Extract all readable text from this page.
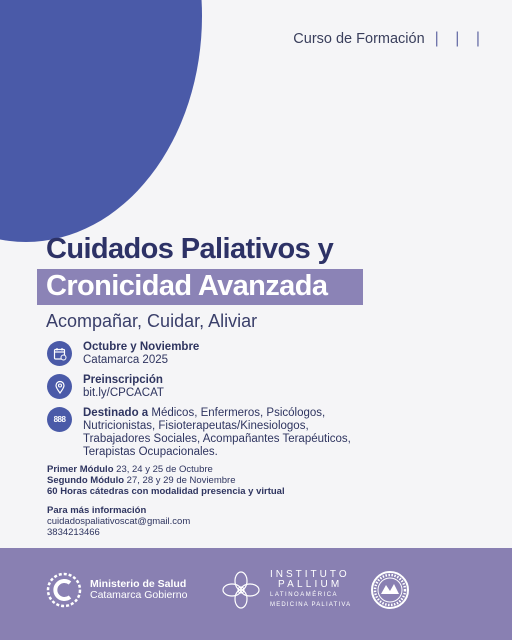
Curso de Formación | | |
Cuidados Paliativos y
Cronicidad Avanzada
Acompañar, Cuidar, Aliviar
Octubre y Noviembre
Catamarca 2025
Preinscripción
bit.ly/CPCACAT
888
Destinado a Médicos, Enfermeros, Psicólogos,
Nutricionistas, Fisioterapeutas/Kinesiologos,
Trabajadores Sociales, Acompañantes Terapéuticos,
Terapistas Ocupacionales.
Primer Módulo 23, 24 y 25 de Octubre
Segundo Módulo 27, 28 y 29 de Noviembre
60 Horas cátedras con modalidad presencia y virtual
Para más información
cuidadospaliativoscat@gmail.com
3834213466
Ministerio de Salud
Catamarca Gobierno
INSTITUTO
PALLIUM
LATINOAMÉRICA
MEDICINA PALIATIVA
